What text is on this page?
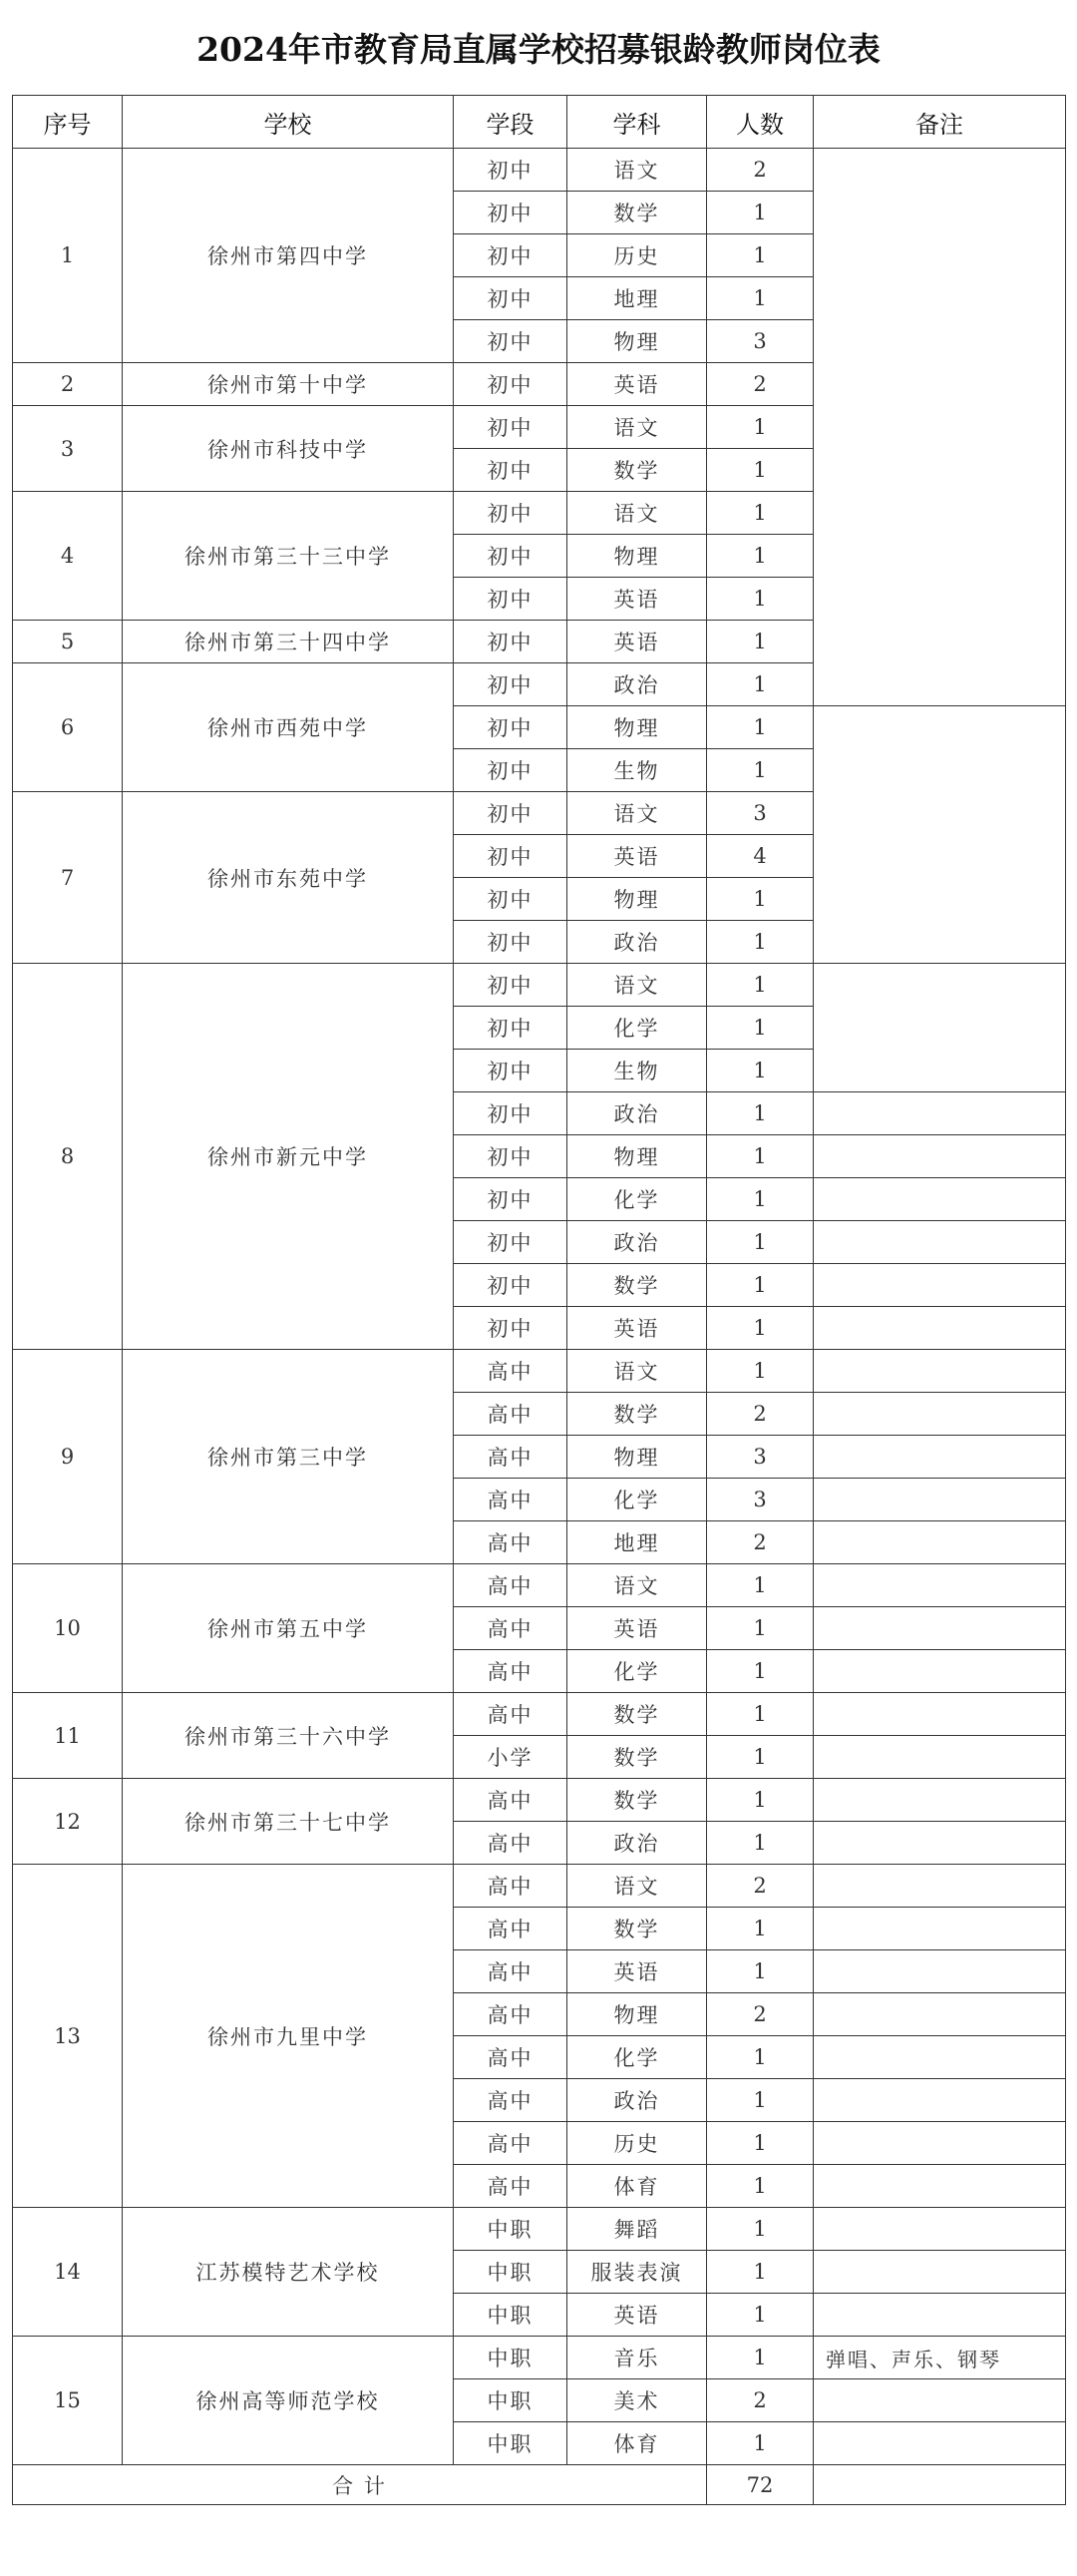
2024年市教育局直属学校招募银龄教师岗位表
序号	学校	学段	学科	人数	备注
1	徐州市第四中学	初中	语文	2	
		初中	数学	1	
		初中	历史	1	
		初中	地理	1	
		初中	物理	3	
2	徐州市第十中学	初中	英语	2	
3	徐州市科技中学	初中	语文	1	
		初中	数学	1	
4	徐州市第三十三中学	初中	语文	1	
		初中	物理	1	
		初中	英语	1	
5	徐州市第三十四中学	初中	英语	1	
6	徐州市西苑中学	初中	政治	1	
		初中	物理	1	
		初中	生物	1	
7	徐州市东苑中学	初中	语文	3	
		初中	英语	4	
		初中	物理	1	
		初中	政治	1	
8	徐州市新元中学	初中	语文	1	
		初中	化学	1	
		初中	生物	1	
		初中	政治	1	
		初中	物理	1	
		初中	化学	1	
		初中	政治	1	
		初中	数学	1	
		初中	英语	1	
9	徐州市第三中学	高中	语文	1	
		高中	数学	2	
		高中	物理	3	
		高中	化学	3	
		高中	地理	2	
10	徐州市第五中学	高中	语文	1	
		高中	英语	1	
		高中	化学	1	
11	徐州市第三十六中学	高中	数学	1	
		小学	数学	1	
12	徐州市第三十七中学	高中	数学	1	
		高中	政治	1	
13	徐州市九里中学	高中	语文	2	
		高中	数学	1	
		高中	英语	1	
		高中	物理	2	
		高中	化学	1	
		高中	政治	1	
		高中	历史	1	
		高中	体育	1	
14	江苏模特艺术学校	中职	舞蹈	1	
		中职	服装表演	1	
		中职	英语	1	
15	徐州高等师范学校	中职	音乐	1	弹唱、声乐、钢琴
		中职	美术	2	
		中职	体育	1	
合 计				72	
